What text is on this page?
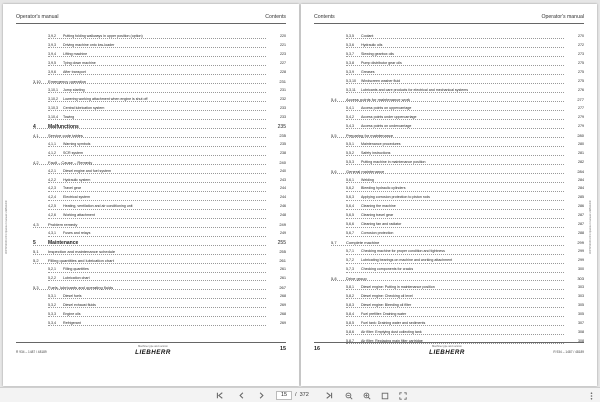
Operator's manual	Contents
3,9,2 Putting folding walkways in upper position (option)	220
3,9,3 Driving machine onto low-loader	221
3,9,4 Lifting machine	223
3,9,5 Tying down machine	227
3,9,6 After transport	228
3,10 Emergency operation	231
3,10,1 Jump starting	231
3,10,2 Lowering working attachment when engine is shut off	232
3,10,3 Central lubrication system	233
3,10,4 Towing	233
4 Malfunctions	235
4,1 Service code tables	235
4,1,1 Warning symbols	235
4,1,2 SCR system	238
4,2 Fault – Cause – Remedy	240
4,2,1 Diesel engine and fuel system	240
4,2,2 Hydraulic system	243
4,2,3 Travel gear	244
4,2,4 Electrical system	244
4,2,5 Heating, ventilation and air conditioning unit	246
4,2,6 Working attachment	248
4,3 Problem remedy	249
4,3,1 Fuses and relays	249
5 Maintenance	255
5,1 Inspection and maintenance schedule	255
5,2 Filling quantities and lubrication chart	261
5,2,1 Filling quantities	261
5,2,2 Lubrication chart	261
5,3 Fuels, lubricants and operating fluids	267
5,3,1 Diesel fuels	268
5,3,2 Diesel exhaust fluids	269
5,3,3 Engine oils	268
5,3,4 Refrigerant	269
R 934 – 1487 / 48189
Machine type and version
LIEBHERR	15
30PSP/2040-001 Operator manual LIEBHERR
Contents	Operator's manual
5,3,5 Coolant	270
5,3,6 Hydraulic oils	272
5,3,7 Slewing gearbox oils	273
5,3,8 Pump distributor gear oils	275
5,3,9 Greases	275
5,3,10 Windscreen washer fluid	275
5,3,11 Lubricants and care products for electrical and mechanical systems	276
5,4 Access points for maintenance work	277
5,4,1 Access points on uppercarriage	277
5,4,2 Access points under uppercarriage	279
5,4,3 Access points on undercarriage	279
5,5 Preparing for maintenance	280
5,5,1 Maintenance procedures	280
5,5,2 Safety instructions	281
5,5,3 Putting machine in maintenance position	282
5,6 General maintenance	284
5,6,1 Welding	284
5,6,2 Bleeding hydraulic cylinders	284
5,6,3 Applying corrosion protection to piston rods	285
5,6,4 Cleaning the machine	286
5,6,5 Cleaning travel gear	287
5,6,6 Cleaning fan and radiator	287
5,6,7 Corrosion protection	288
5,7 Complete machine	299
5,7,1 Checking machine for proper condition and tightness	299
5,7,2 Lubricating bearings on machine and working attachment	299
5,7,3 Checking components for cracks	300
5,8 Drive group	303
5,8,1 Diesel engine: Putting in maintenance position	303
5,8,2 Diesel engine: Checking oil level	303
5,8,3 Diesel engine: Bleeding oil filter	305
5,8,4 Fuel prefilter: Draining water	305
5,8,5 Fuel tank: Draining water and sediments	307
5,8,6 Air filter: Emptying dust collecting tank	308
5,8,7 Air filter: Replacing main filter cartridge	308
16	Machine type and version
LIEBHERR	R 934 – 1487 / 48189
30PSP/2040-001 Operator manual LIEBHERR
15
/ 372
